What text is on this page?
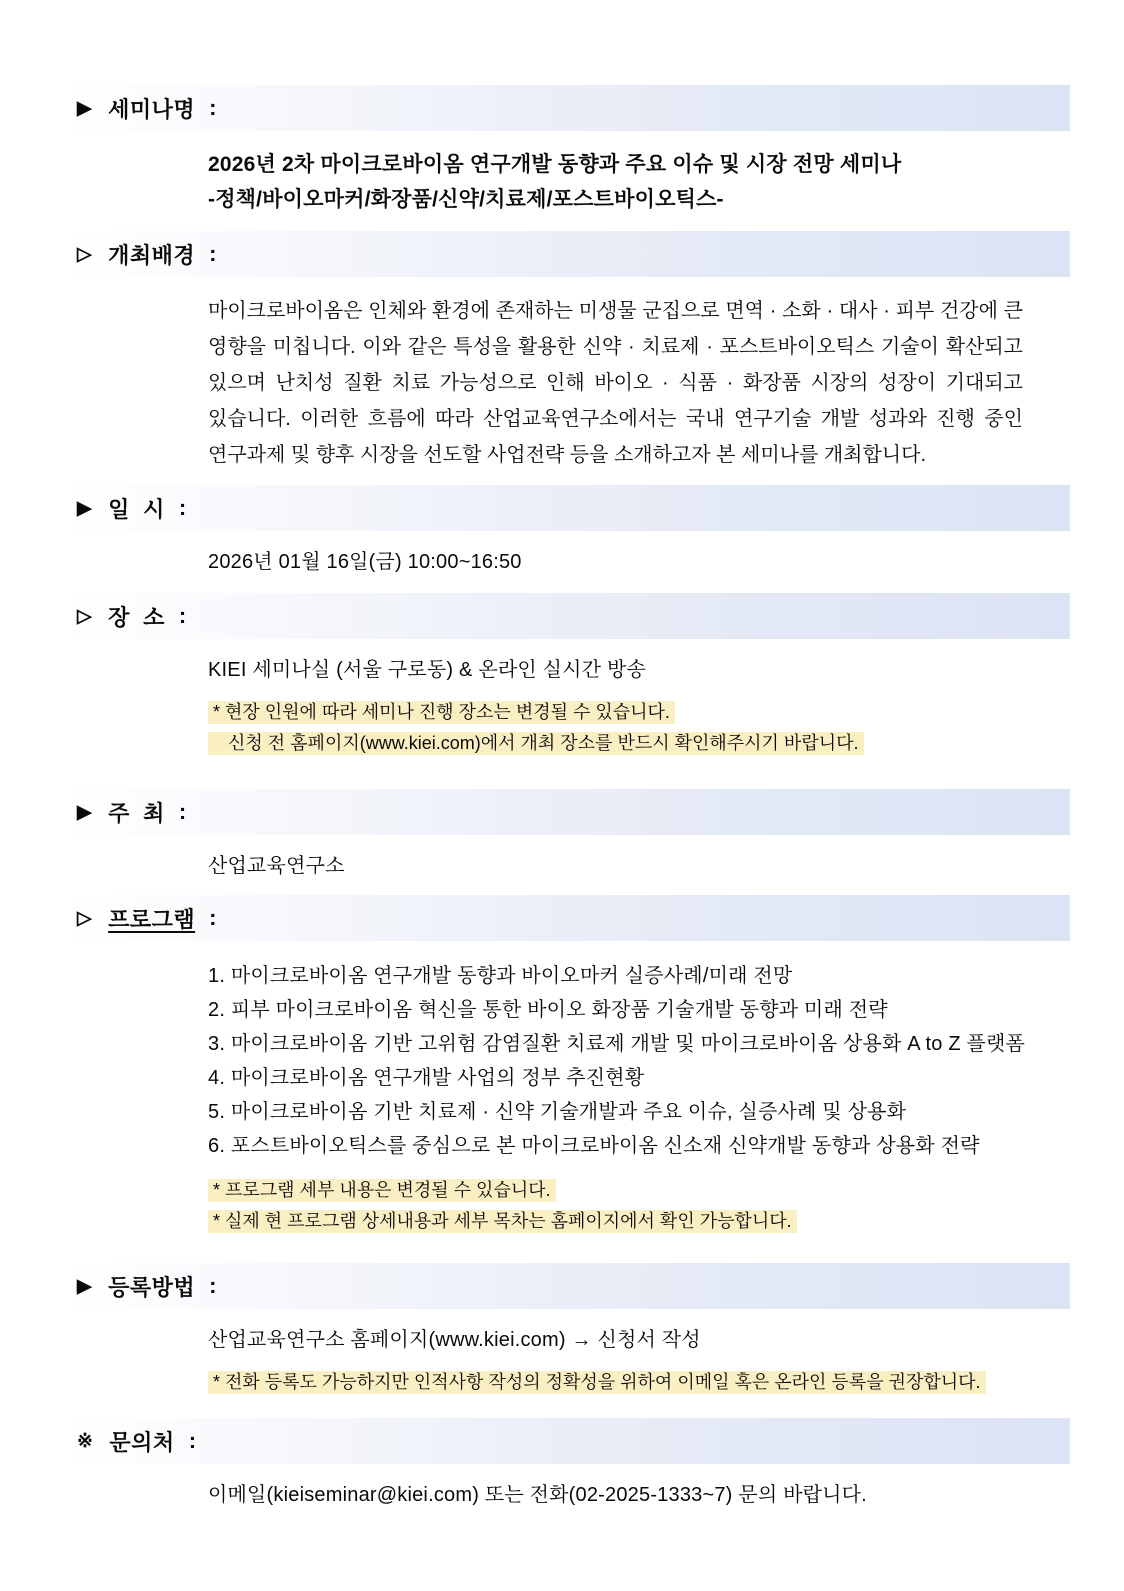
▶ 세미나명 :
2026년 2차 마이크로바이옴 연구개발 동향과 주요 이슈 및 시장 전망 세미나
-정책/바이오마커/화장품/신약/치료제/포스트바이오틱스-
▷ 개최배경 :
마이크로바이옴은 인체와 환경에 존재하는 미생물 군집으로 면역 · 소화 · 대사 · 피부 건강에 큰 영향을 미칩니다. 이와 같은 특성을 활용한 신약 · 치료제 · 포스트바이오틱스 기술이 확산되고 있으며 난치성 질환 치료 가능성으로 인해 바이오 · 식품 · 화장품 시장의 성장이 기대되고 있습니다. 이러한 흐름에 따라 산업교육연구소에서는 국내 연구기술 개발 성과와 진행 중인 연구과제 및 향후 시장을 선도할 사업전략 등을 소개하고자 본 세미나를 개최합니다.
▶ 일  시 :
2026년 01월 16일(금) 10:00~16:50
▷ 장  소 :
KIEI 세미나실 (서울 구로동) & 온라인 실시간 방송
* 현장 인원에 따라 세미나 진행 장소는 변경될 수 있습니다.
신청 전 홈페이지(www.kiei.com)에서 개최 장소를 반드시 확인해주시기 바랍니다.
▶ 주  최 :
산업교육연구소
▷ 프로그램 :
1. 마이크로바이옴 연구개발 동향과 바이오마커 실증사례/미래 전망
2. 피부 마이크로바이옴 혁신을 통한 바이오 화장품 기술개발 동향과 미래 전략
3. 마이크로바이옴 기반 고위험 감염질환 치료제 개발 및 마이크로바이옴 상용화 A to Z 플랫폼
4. 마이크로바이옴 연구개발 사업의 정부 추진현황
5. 마이크로바이옴 기반 치료제 · 신약 기술개발과 주요 이슈, 실증사례 및 상용화
6. 포스트바이오틱스를 중심으로 본 마이크로바이옴 신소재 신약개발 동향과 상용화 전략
* 프로그램 세부 내용은 변경될 수 있습니다.
* 실제 현 프로그램 상세내용과 세부 목차는 홈페이지에서 확인 가능합니다.
▶ 등록방법 :
산업교육연구소 홈페이지(www.kiei.com) → 신청서 작성
* 전화 등록도 가능하지만 인적사항 작성의 정확성을 위하여 이메일 혹은 온라인 등록을 권장합니다.
※ 문의처 :
이메일(kieiseminar@kiei.com) 또는 전화(02-2025-1333~7) 문의 바랍니다.
